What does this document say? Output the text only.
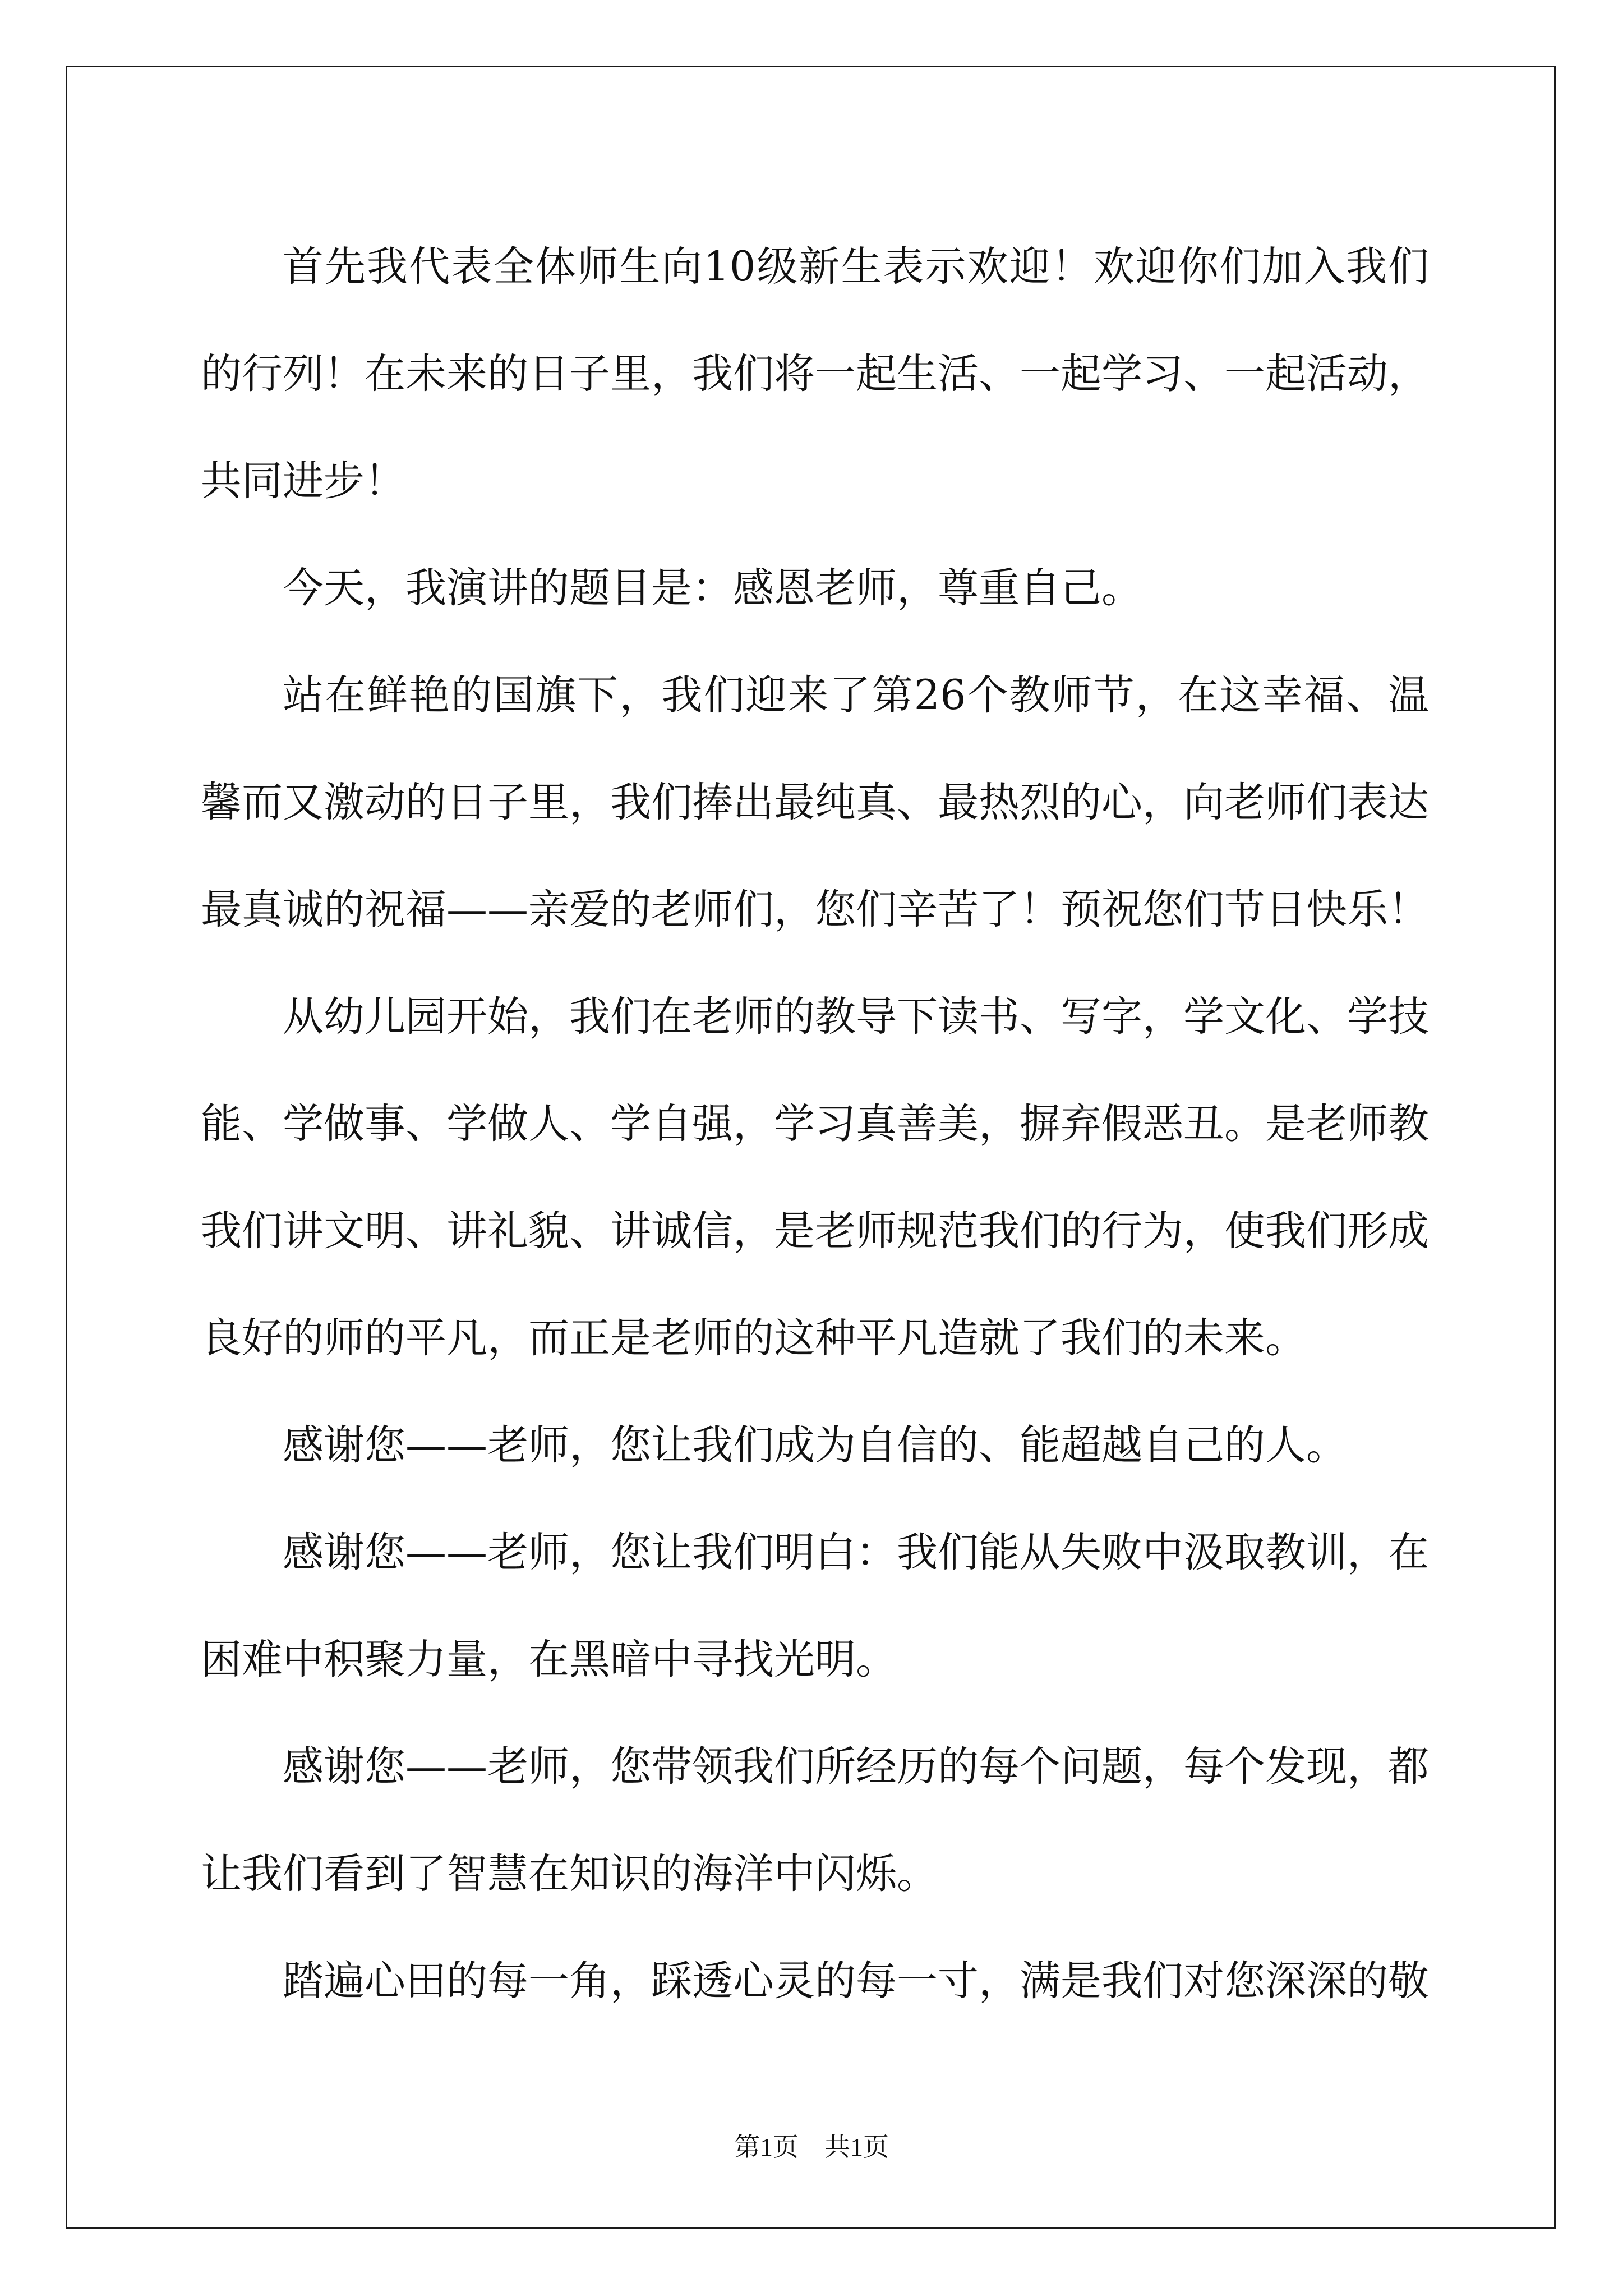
首先我代表全体师生向10级新生表示欢迎！欢迎你们加入我们的行列！在未来的日子里，我们将一起生活、一起学习、一起活动，共同进步！

今天，我演讲的题目是：感恩老师，尊重自己。

站在鲜艳的国旗下，我们迎来了第26个教师节，在这幸福、温馨而又激动的日子里，我们捧出最纯真、最热烈的心，向老师们表达最真诚的祝福——亲爱的老师们，您们辛苦了！预祝您们节日快乐！

从幼儿园开始，我们在老师的教导下读书、写字，学文化、学技能、学做事、学做人、学自强，学习真善美，摒弃假恶丑。是老师教我们讲文明、讲礼貌、讲诚信，是老师规范我们的行为，使我们形成良好的师的平凡，而正是老师的这种平凡造就了我们的未来。

感谢您——老师，您让我们成为自信的、能超越自己的人。

感谢您——老师，您让我们明白：我们能从失败中汲取教训，在困难中积聚力量，在黑暗中寻找光明。

感谢您——老师，您带领我们所经历的每个问题，每个发现，都让我们看到了智慧在知识的海洋中闪烁。

踏遍心田的每一角，踩透心灵的每一寸，满是我们对您深深的敬

第1页 共1页
